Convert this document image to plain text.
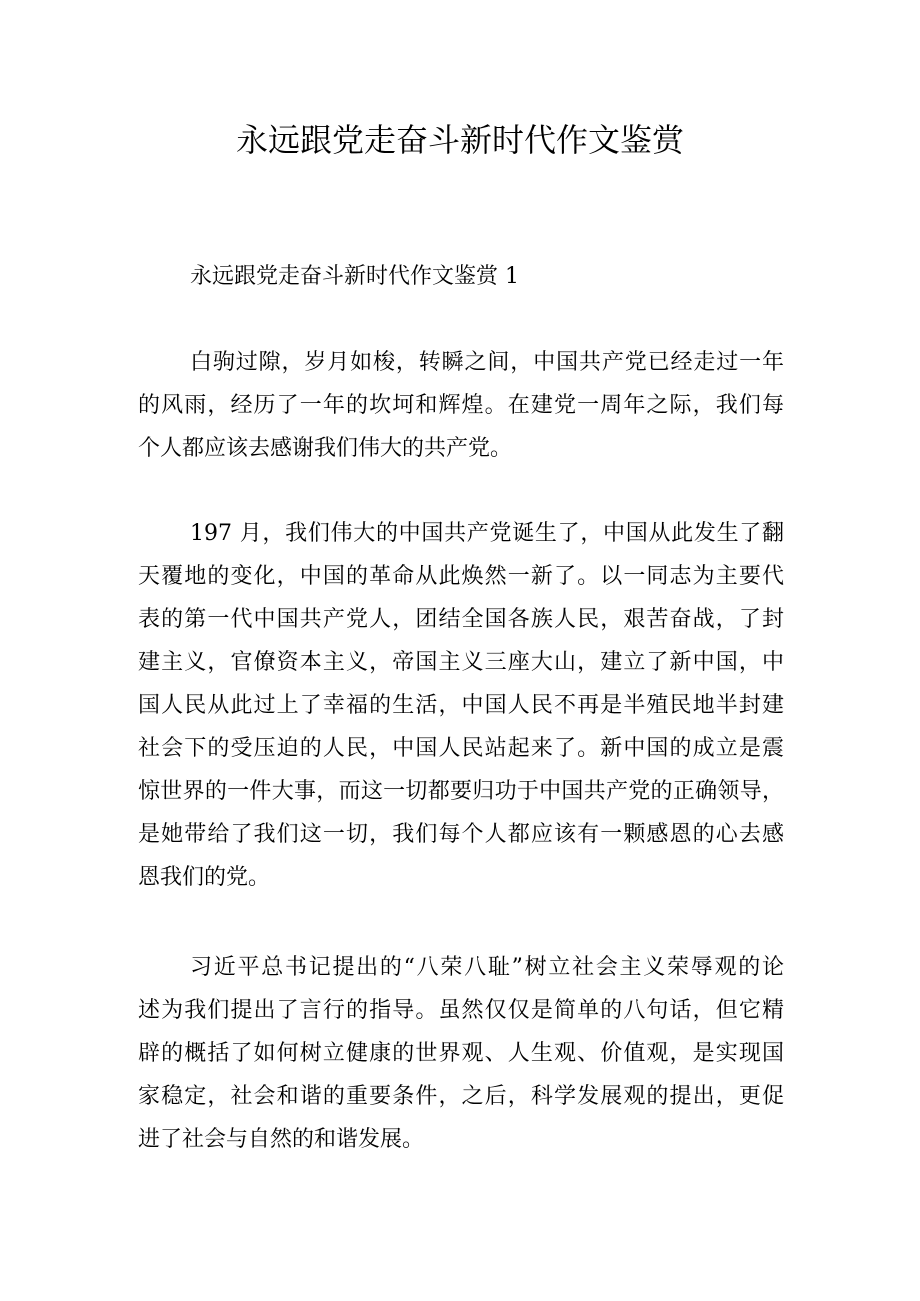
永远跟党走奋斗新时代作文鉴赏

永远跟党走奋斗新时代作文鉴赏 1

白驹过隙，岁月如梭，转瞬之间，中国共产党已经走过一年
的风雨，经历了一年的坎坷和辉煌。在建党一周年之际，我们每
个人都应该去感谢我们伟大的共产党。
197 月，我们伟大的中国共产党诞生了，中国从此发生了翻
天覆地的变化，中国的革命从此焕然一新了。以一同志为主要代
表的第一代中国共产党人，团结全国各族人民，艰苦奋战，了封
建主义，官僚资本主义，帝国主义三座大山，建立了新中国，中
国人民从此过上了幸福的生活，中国人民不再是半殖民地半封建
社会下的受压迫的人民，中国人民站起来了。新中国的成立是震
惊世界的一件大事，而这一切都要归功于中国共产党的正确领导，
是她带给了我们这一切，我们每个人都应该有一颗感恩的心去感
恩我们的党。
习近平总书记提出的“八荣八耻”树立社会主义荣辱观的论
述为我们提出了言行的指导。虽然仅仅是简单的八句话，但它精
辟的概括了如何树立健康的世界观、人生观、价值观，是实现国
家稳定，社会和谐的重要条件，之后，科学发展观的提出，更促
进了社会与自然的和谐发展。
